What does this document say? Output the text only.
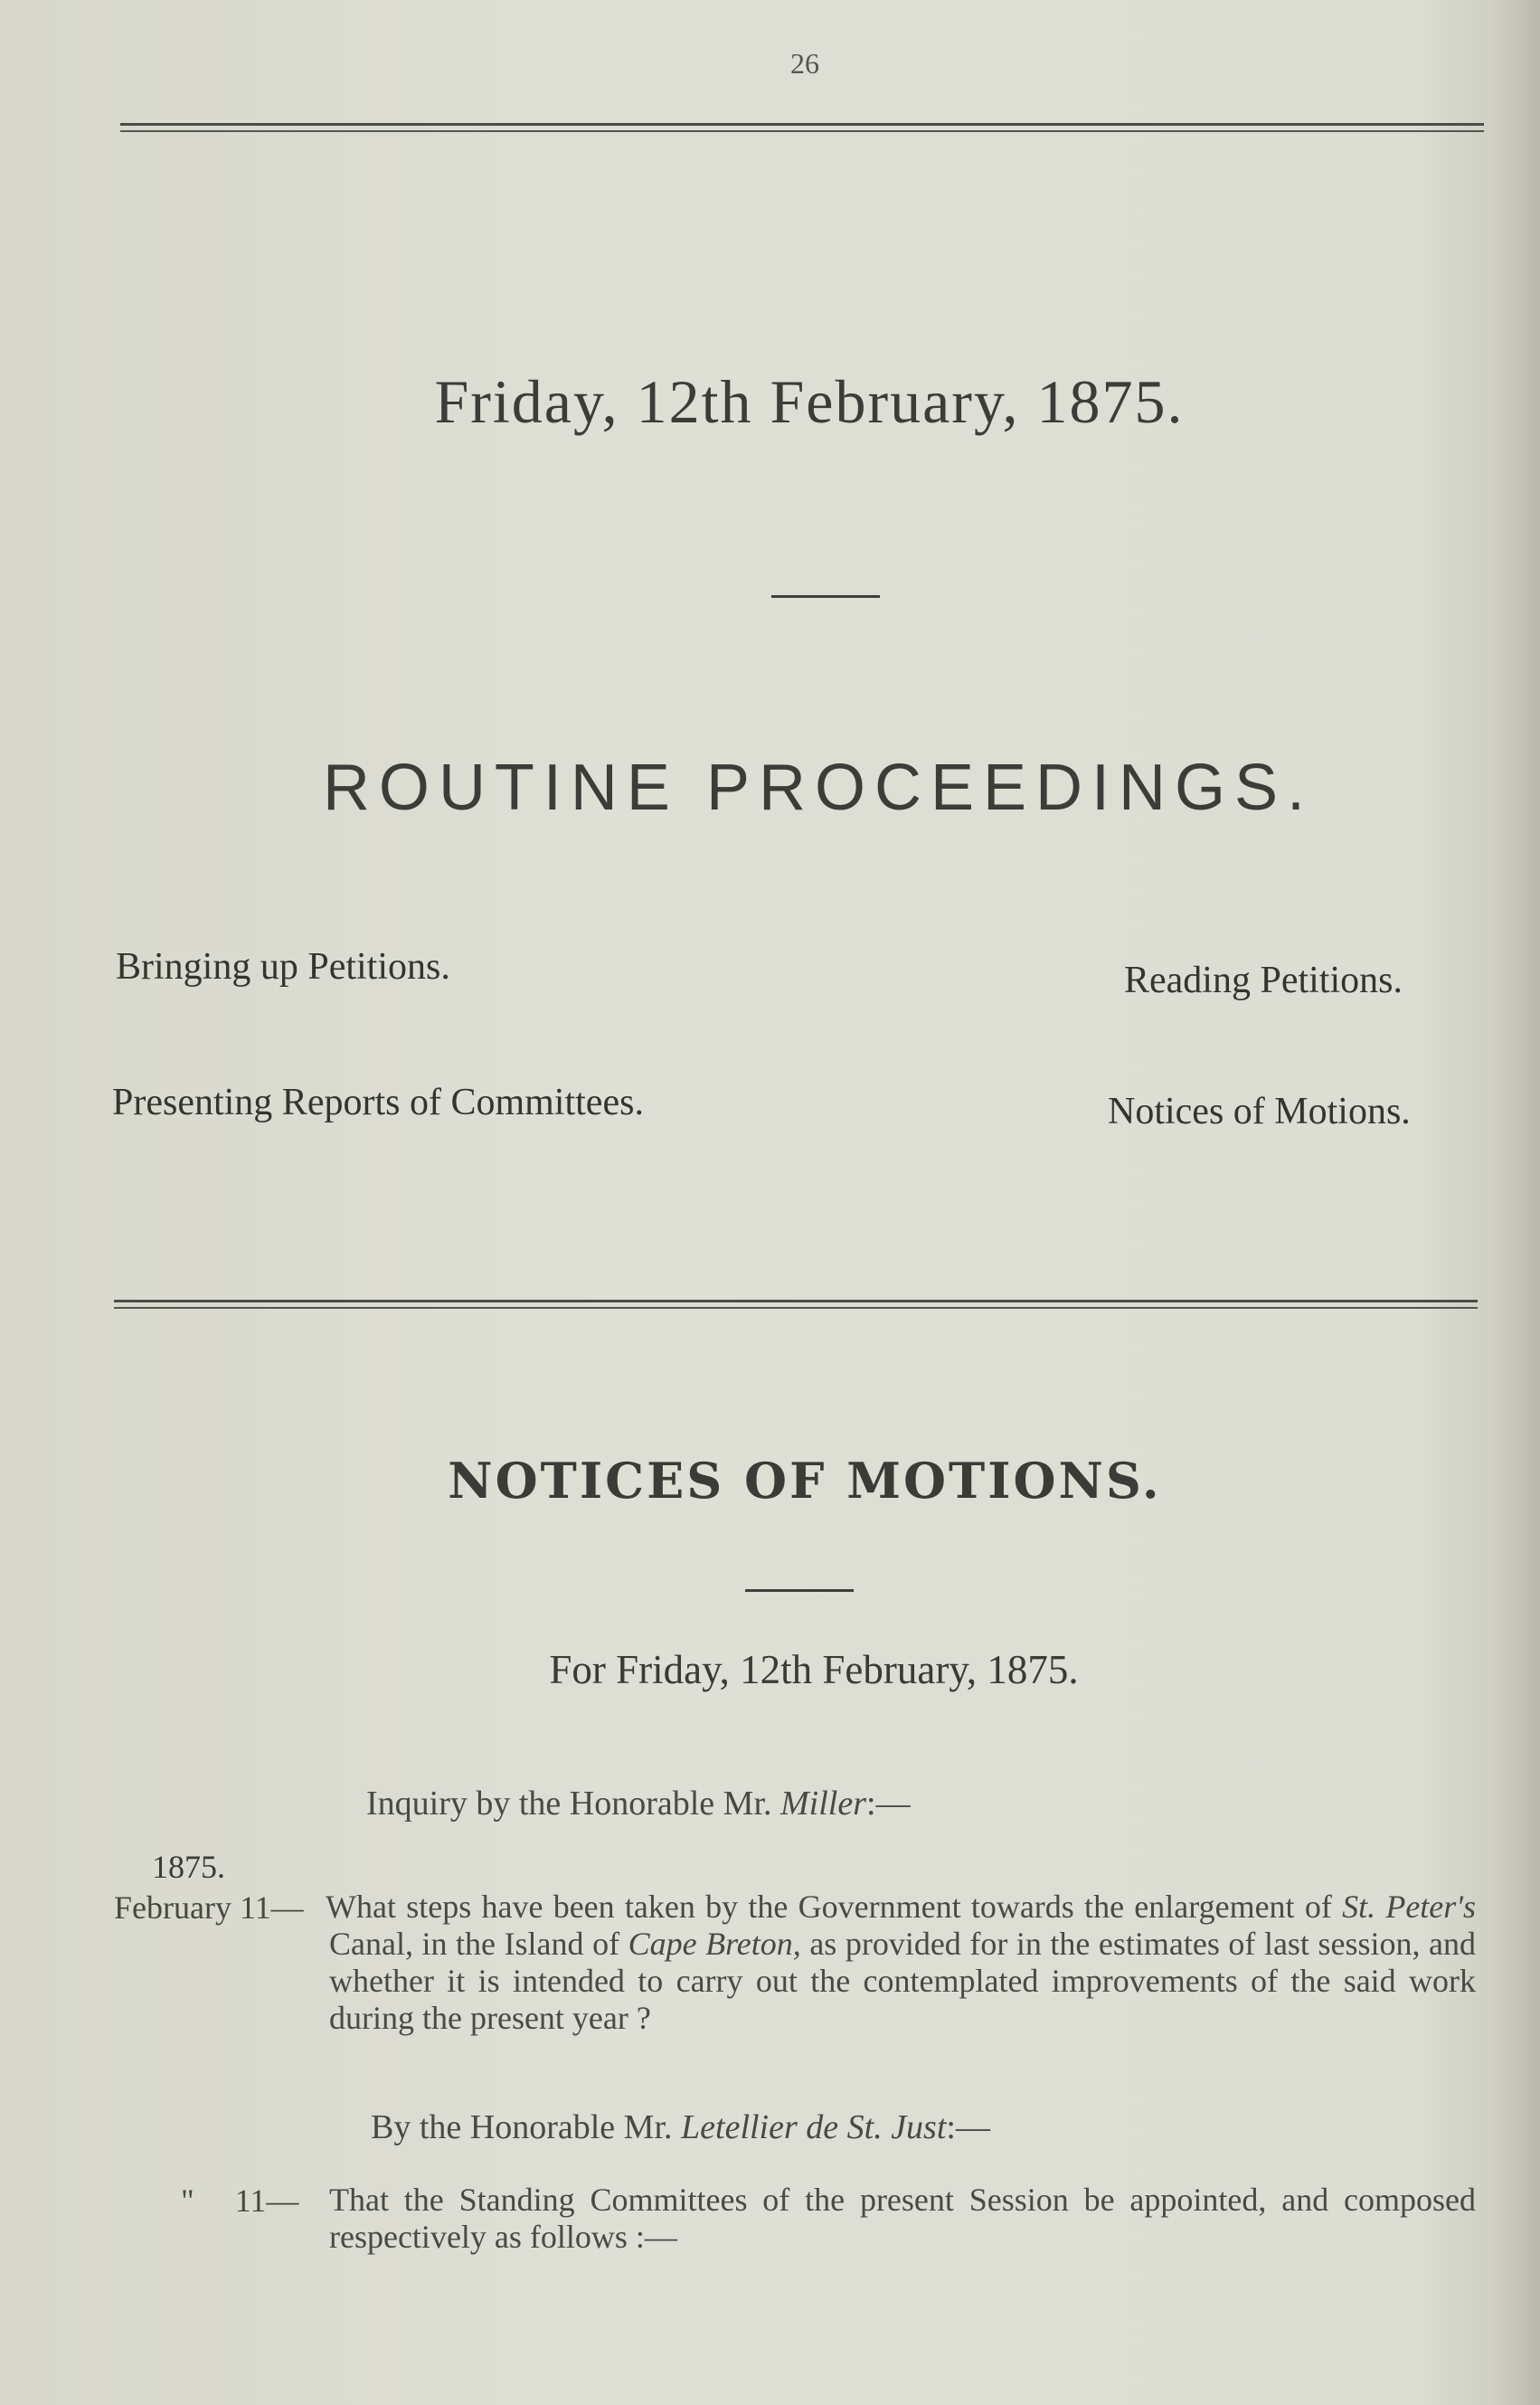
26
Friday, 12th February, 1875.
ROUTINE PROCEEDINGS.
Bringing up Petitions.	Reading Petitions.
Presenting Reports of Committees.	Notices of Motions.
NOTICES OF MOTIONS.
For Friday, 12th February, 1875.
Inquiry by the Honorable Mr. Miller:—
1875.
February 11— What steps have been taken by the Government towards the enlargement of St. Peter's Canal, in the Island of Cape Breton, as provided for in the estimates of last session, and whether it is intended to carry out the contemplated improvements of the said work during the present year ?
By the Honorable Mr. Letellier de St. Just:—
"     11— That the Standing Committees of the present Session be appointed, and composed respectively as follows :—
